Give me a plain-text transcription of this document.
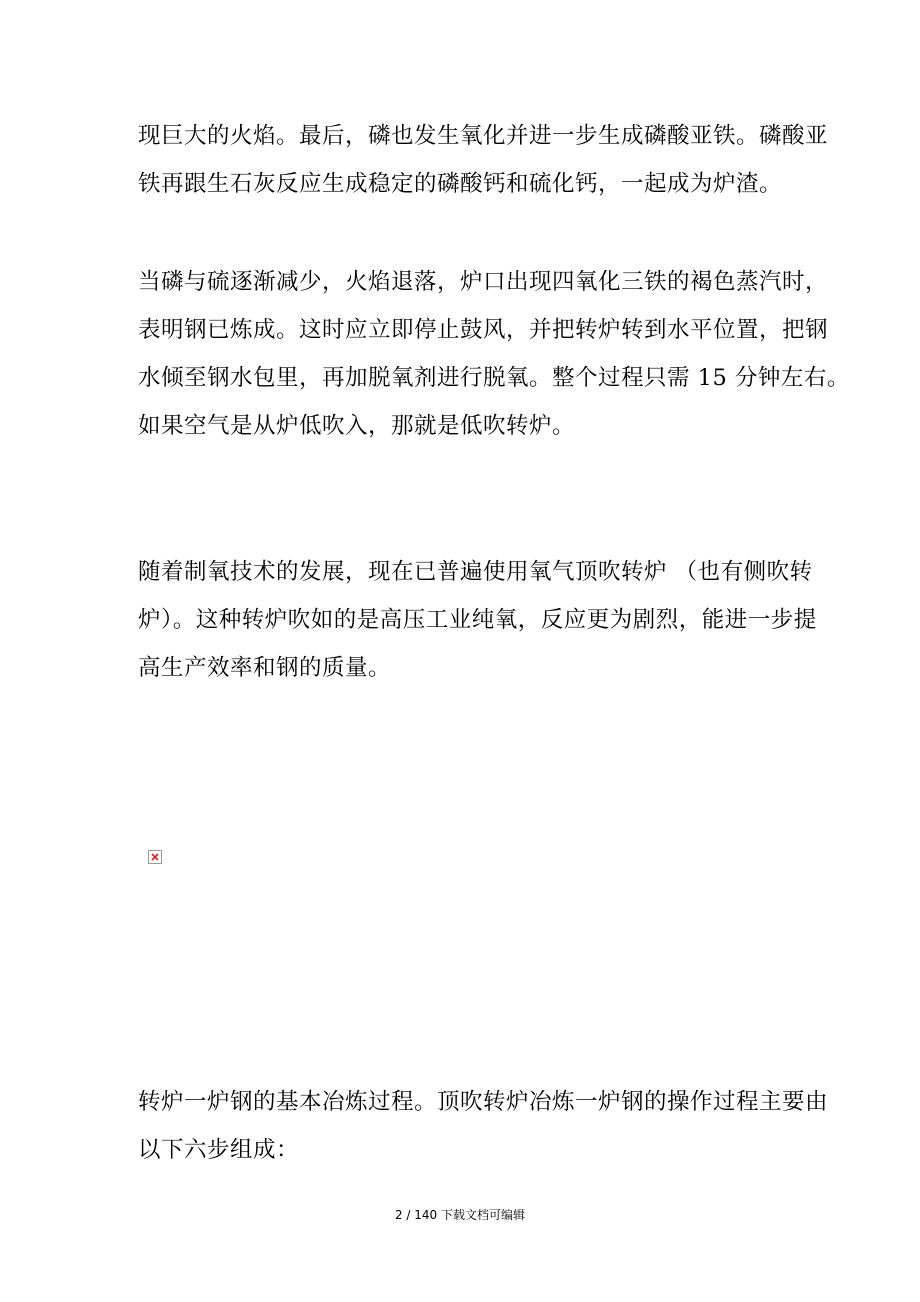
现巨大的火焰。最后，磷也发生氧化并进一步生成磷酸亚铁。磷酸亚
铁再跟生石灰反应生成稳定的磷酸钙和硫化钙，一起成为炉渣。

当磷与硫逐渐减少，火焰退落，炉口出现四氧化三铁的褐色蒸汽时，
表明钢已炼成。这时应立即停止鼓风，并把转炉转到水平位置，把钢
水倾至钢水包里，再加脱氧剂进行脱氧。整个过程只需 15 分钟左右。
如果空气是从炉低吹入，那就是低吹转炉。

随着制氧技术的发展，现在已普遍使用氧气顶吹转炉 （也有侧吹转
炉）。这种转炉吹如的是高压工业纯氧，反应更为剧烈，能进一步提
高生产效率和钢的质量。

转炉一炉钢的基本冶炼过程。顶吹转炉冶炼一炉钢的操作过程主要由
以下六步组成：

2 / 140 下载文档可编辑
